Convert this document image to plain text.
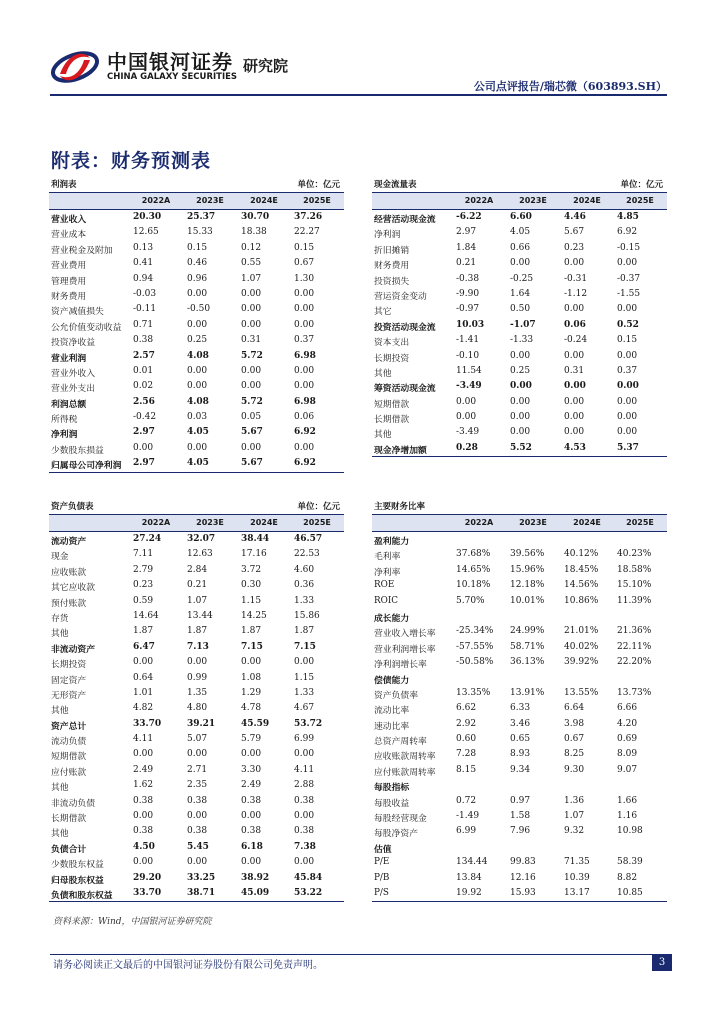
中国银河证券
CHINA GALAXY SECURITIES
研究院
公司点评报告/瑞芯微（603893.SH）
附表：财务预测表
利润表	单位：亿元
2022A	2023E	2024E	2025E
营业收入	20.30	25.37	30.70	37.26
营业成本	12.65	15.33	18.38	22.27
营业税金及附加 0.13	0.15	0.12	0.15
营业费用	0.41	0.46	0.55	0.67
管理费用	0.94	0.96	1.07	1.30
财务费用	-0.03	0.00	0.00	0.00
资产减值损失	-0.11	-0.50	0.00	0.00
公允价值变动收益 0.71	0.00	0.00	0.00
投资净收益	0.38	0.25	0.31	0.37
营业利润	2.57	4.08	5.72	6.98
营业外收入	0.01	0.00	0.00	0.00
营业外支出	0.02	0.00	0.00	0.00
利润总额	2.56	4.08	5.72	6.98
所得税	-0.42	0.03	0.05	0.06
净利润	2.97	4.05	5.67	6.92
少数股东损益	0.00	0.00	0.00	0.00
归属母公司净利润 2.97	4.05	5.67	6.92
现金流量表	单位：亿元
2022A	2023E	2024E	2025E
经营活动现金流 -6.22	6.60	4.46	4.85
净利润	2.97	4.05	5.67	6.92
折旧摊销	1.84	0.66	0.23	-0.15
财务费用	0.21	0.00	0.00	0.00
投资损失	-0.38	-0.25	-0.31	-0.37
营运资金变动	-9.90	1.64	-1.12	-1.55
其它	-0.97	0.50	0.00	0.00
投资活动现金流 10.03	-1.07	0.06	0.52
资本支出	-1.41	-1.33	-0.24	0.15
长期投资	-0.10	0.00	0.00	0.00
其他	11.54	0.25	0.31	0.37
筹资活动现金流 -3.49	0.00	0.00	0.00
短期借款	0.00	0.00	0.00	0.00
长期借款	0.00	0.00	0.00	0.00
其他	-3.49	0.00	0.00	0.00
现金净增加额	0.28	5.52	4.53	5.37
资产负债表	单位：亿元
2022A	2023E	2024E	2025E
流动资产	27.24	32.07	38.44	46.57
现金	7.11	12.63	17.16	22.53
应收账款	2.79	2.84	3.72	4.60
其它应收款	0.23	0.21	0.30	0.36
预付账款	0.59	1.07	1.15	1.33
存货	14.64	13.44	14.25	15.86
其他	1.87	1.87	1.87	1.87
非流动资产	6.47	7.13	7.15	7.15
长期投资	0.00	0.00	0.00	0.00
固定资产	0.64	0.99	1.08	1.15
无形资产	1.01	1.35	1.29	1.33
其他	4.82	4.80	4.78	4.67
资产总计	33.70	39.21	45.59	53.72
流动负债	4.11	5.07	5.79	6.99
短期借款	0.00	0.00	0.00	0.00
应付账款	2.49	2.71	3.30	4.11
其他	1.62	2.35	2.49	2.88
非流动负债	0.38	0.38	0.38	0.38
长期借款	0.00	0.00	0.00	0.00
其他	0.38	0.38	0.38	0.38
负债合计	4.50	5.45	6.18	7.38
少数股东权益	0.00	0.00	0.00	0.00
归母股东权益	29.20	33.25	38.92	45.84
负债和股东权益 33.70	38.71	45.09	53.22
主要财务比率
2022A	2023E	2024E	2025E
盈利能力
毛利率	37.68% 39.56% 40.12% 40.23%
净利率	14.65% 15.96% 18.45% 18.58%
ROE	10.18% 12.18% 14.56% 15.10%
ROIC	5.70%	10.01% 10.86% 11.39%
成长能力
营业收入增长率 -25.34% 24.99% 21.01% 21.36%
营业利润增长率 -57.55% 58.71% 40.02% 22.11%
净利润增长率	-50.58% 36.13% 39.92% 22.20%
偿债能力
资产负债率	13.35% 13.91% 13.55% 13.73%
流动比率	6.62	6.33	6.64	6.66
速动比率	2.92	3.46	3.98	4.20
总资产周转率	0.60	0.65	0.67	0.69
应收账款周转率 7.28	8.93	8.25	8.09
应付账款周转率 8.15	9.34	9.30	9.07
每股指标
每股收益	0.72	0.97	1.36	1.66
每股经营现金	-1.49	1.58	1.07	1.16
每股净资产	6.99	7.96	9.32	10.98
估值
P/E	134.44	99.83	71.35	58.39
P/B	13.84	12.16	10.39	8.82
P/S	19.92	15.93	13.17	10.85
资料来源：Wind，中国银河证券研究院
请务必阅读正文最后的中国银河证券股份有限公司免责声明。	3
